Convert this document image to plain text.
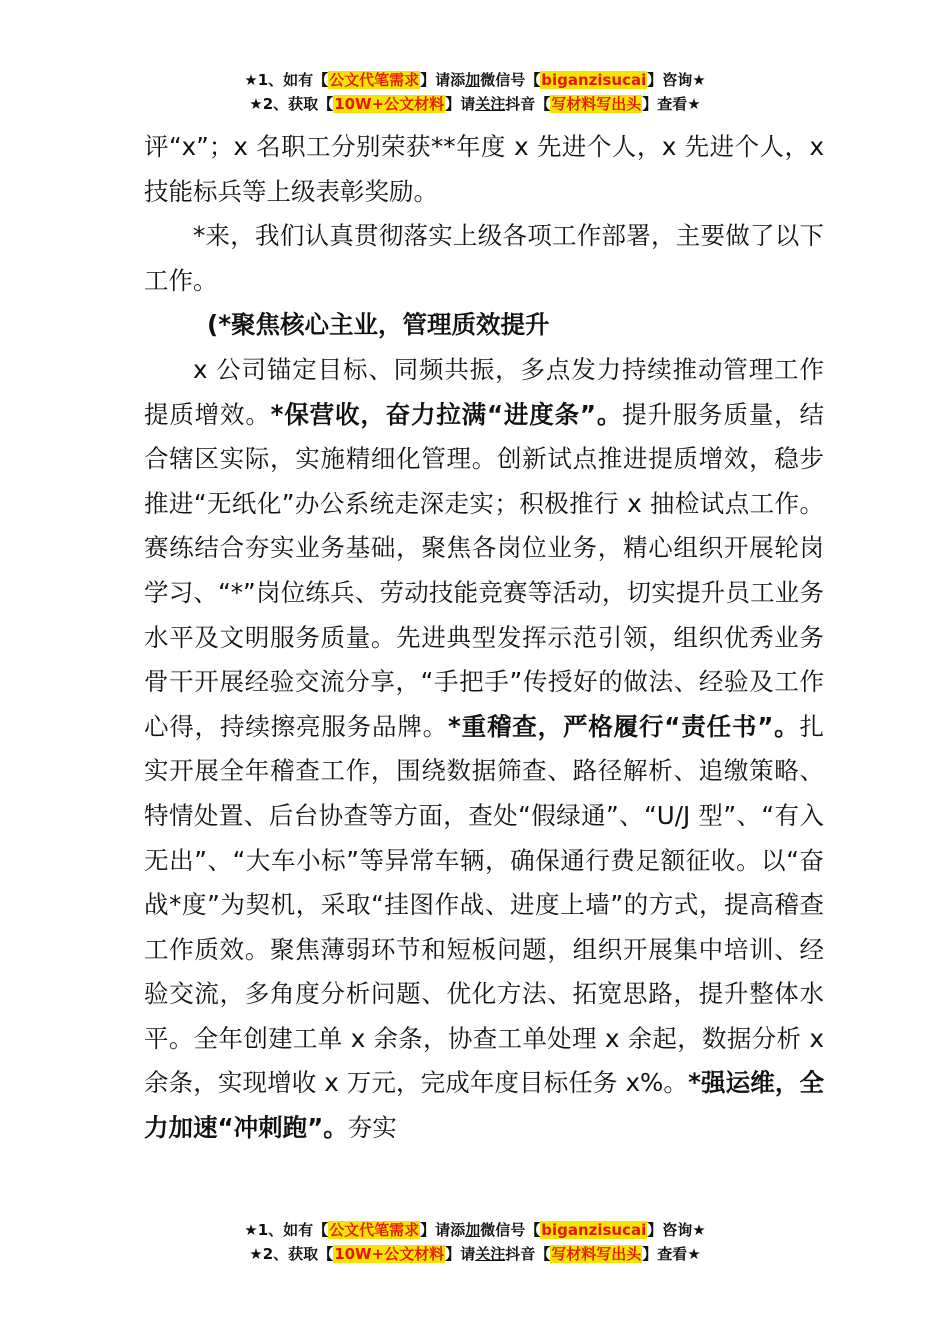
★1、如有【公文代笔需求】请添加微信号【biganzisucai】咨询★
★2、获取【10W+公文材料】请关注抖音【写材料写出头】查看★

评“x”；x 名职工分别荣获**年度 x 先进个人，x 先进个人，x 技能标兵等上级表彰奖励。

*来，我们认真贯彻落实上级各项工作部署，主要做了以下工作。

(*聚焦核心主业，管理质效提升

x 公司锚定目标、同频共振，多点发力持续推动管理工作提质增效。*保营收，奋力拉满“进度条”。提升服务质量，结合辖区实际，实施精细化管理。创新试点推进提质增效，稳步推进“无纸化”办公系统走深走实；积极推行 x 抽检试点工作。赛练结合夯实业务基础，聚焦各岗位业务，精心组织开展轮岗学习、“*”岗位练兵、劳动技能竞赛等活动，切实提升员工业务水平及文明服务质量。先进典型发挥示范引领，组织优秀业务骨干开展经验交流分享，“手把手”传授好的做法、经验及工作心得，持续擦亮服务品牌。*重稽查，严格履行“责任书”。扎实开展全年稽查工作，围绕数据筛查、路径解析、追缴策略、特情处置、后台协查等方面，查处“假绿通”、“U/J 型”、“有入无出”、“大车小标”等异常车辆，确保通行费足额征收。以“奋战*度”为契机，采取“挂图作战、进度上墙”的方式，提高稽查工作质效。聚焦薄弱环节和短板问题，组织开展集中培训、经验交流，多角度分析问题、优化方法、拓宽思路，提升整体水平。全年创建工单 x 余条，协查工单处理 x 余起，数据分析 x 余条，实现增收 x 万元，完成年度目标任务 x%。*强运维，全力加速“冲刺跑”。夯实

★1、如有【公文代笔需求】请添加微信号【biganzisucai】咨询★
★2、获取【10W+公文材料】请关注抖音【写材料写出头】查看★
